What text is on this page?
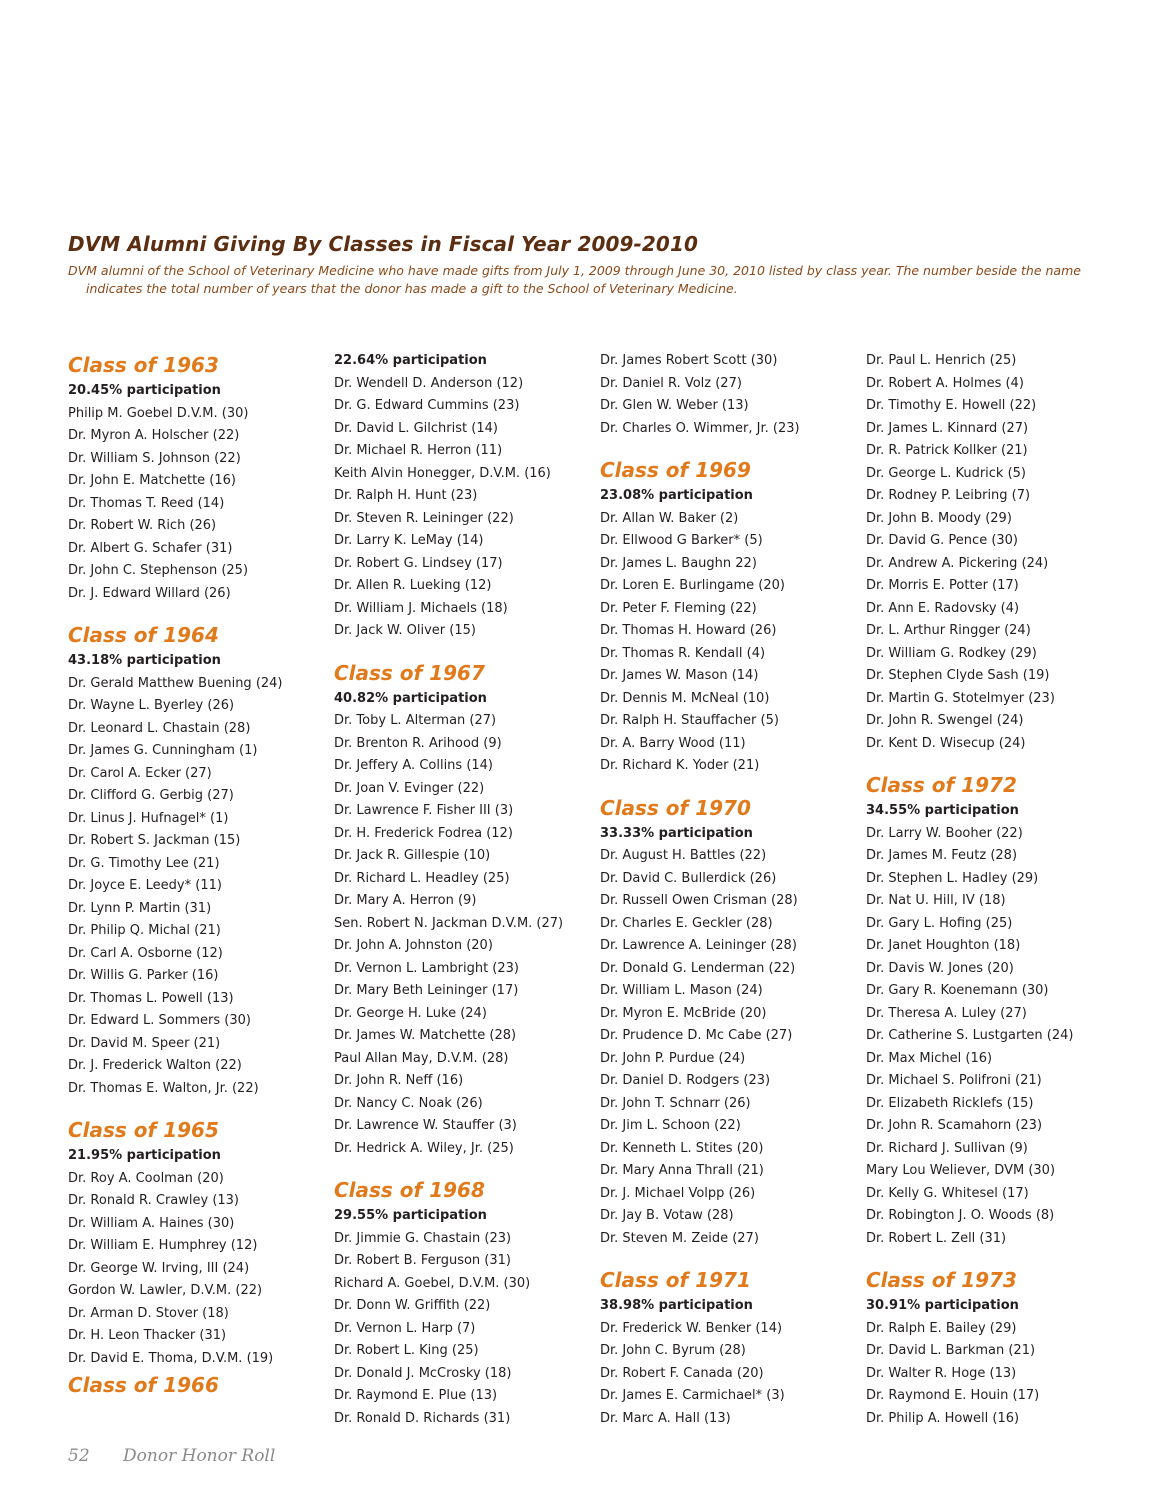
DVM Alumni Giving By Classes in Fiscal Year 2009-2010
DVM alumni of the School of Veterinary Medicine who have made gifts from July 1, 2009 through June 30, 2010 listed by class year. The number beside the name indicates the total number of years that the donor has made a gift to the School of Veterinary Medicine.
Class of 1963
20.45% participation
Philip M. Goebel D.V.M. (30)
Dr. Myron A. Holscher (22)
Dr. William S. Johnson (22)
Dr. John E. Matchette (16)
Dr. Thomas T. Reed (14)
Dr. Robert W. Rich (26)
Dr. Albert G. Schafer (31)
Dr. John C. Stephenson (25)
Dr. J. Edward Willard (26)
Class of 1964
43.18% participation
Dr. Gerald Matthew Buening (24)
Dr. Wayne L. Byerley (26)
Dr. Leonard L. Chastain (28)
Dr. James G. Cunningham (1)
Dr. Carol A. Ecker (27)
Dr. Clifford G. Gerbig (27)
Dr. Linus J. Hufnagel* (1)
Dr. Robert S. Jackman (15)
Dr. G. Timothy Lee (21)
Dr. Joyce E. Leedy* (11)
Dr. Lynn P. Martin (31)
Dr. Philip Q. Michal (21)
Dr. Carl A. Osborne (12)
Dr. Willis G. Parker (16)
Dr. Thomas L. Powell (13)
Dr. Edward L. Sommers (30)
Dr. David M. Speer (21)
Dr. J. Frederick Walton (22)
Dr. Thomas E. Walton, Jr. (22)
Class of 1965
21.95% participation
Dr. Roy A. Coolman (20)
Dr. Ronald R. Crawley (13)
Dr. William A. Haines (30)
Dr. William E. Humphrey (12)
Dr. George W. Irving, III (24)
Gordon W. Lawler, D.V.M. (22)
Dr. Arman D. Stover (18)
Dr. H. Leon Thacker (31)
Dr. David E. Thoma, D.V.M. (19)
Class of 1966
22.64% participation
Dr. Wendell D. Anderson (12)
Dr. G. Edward Cummins (23)
Dr. David L. Gilchrist (14)
Dr. Michael R. Herron (11)
Keith Alvin Honegger, D.V.M. (16)
Dr. Ralph H. Hunt (23)
Dr. Steven R. Leininger (22)
Dr. Larry K. LeMay (14)
Dr. Robert G. Lindsey (17)
Dr. Allen R. Lueking (12)
Dr. William J. Michaels (18)
Dr. Jack W. Oliver (15)
Class of 1967
40.82% participation
Dr. Toby L. Alterman (27)
Dr. Brenton R. Arihood (9)
Dr. Jeffery A. Collins (14)
Dr. Joan V. Evinger (22)
Dr. Lawrence F. Fisher III (3)
Dr. H. Frederick Fodrea (12)
Dr. Jack R. Gillespie (10)
Dr. Richard L. Headley (25)
Dr. Mary A. Herron (9)
Sen. Robert N. Jackman D.V.M. (27)
Dr. John A. Johnston (20)
Dr. Vernon L. Lambright (23)
Dr. Mary Beth Leininger (17)
Dr. George H. Luke (24)
Dr. James W. Matchette (28)
Paul Allan May, D.V.M. (28)
Dr. John R. Neff (16)
Dr. Nancy C. Noak (26)
Dr. Lawrence W. Stauffer (3)
Dr. Hedrick A. Wiley, Jr. (25)
Class of 1968
29.55% participation
Dr. Jimmie G. Chastain (23)
Dr. Robert B. Ferguson (31)
Richard A. Goebel, D.V.M. (30)
Dr. Donn W. Griffith (22)
Dr. Vernon L. Harp (7)
Dr. Robert L. King (25)
Dr. Donald J. McCrosky (18)
Dr. Raymond E. Plue (13)
Dr. Ronald D. Richards (31)
Dr. James Robert Scott (30)
Dr. Daniel R. Volz (27)
Dr. Glen W. Weber (13)
Dr. Charles O. Wimmer, Jr. (23)
Class of 1969
23.08% participation
Dr. Allan W. Baker (2)
Dr. Ellwood G Barker* (5)
Dr. James L. Baughn 22)
Dr. Loren E. Burlingame (20)
Dr. Peter F. Fleming (22)
Dr. Thomas H. Howard (26)
Dr. Thomas R. Kendall (4)
Dr. James W. Mason (14)
Dr. Dennis M. McNeal (10)
Dr. Ralph H. Stauffacher (5)
Dr. A. Barry Wood (11)
Dr. Richard K. Yoder (21)
Class of 1970
33.33% participation
Dr. August H. Battles (22)
Dr. David C. Bullerdick (26)
Dr. Russell Owen Crisman (28)
Dr. Charles E. Geckler (28)
Dr. Lawrence A. Leininger (28)
Dr. Donald G. Lenderman (22)
Dr. William L. Mason (24)
Dr. Myron E. McBride (20)
Dr. Prudence D. Mc Cabe (27)
Dr. John P. Purdue (24)
Dr. Daniel D. Rodgers (23)
Dr. John T. Schnarr (26)
Dr. Jim L. Schoon (22)
Dr. Kenneth L. Stites (20)
Dr. Mary Anna Thrall (21)
Dr. J. Michael Volpp (26)
Dr. Jay B. Votaw (28)
Dr. Steven M. Zeide (27)
Class of 1971
38.98% participation
Dr. Frederick W. Benker (14)
Dr. John C. Byrum (28)
Dr. Robert F. Canada (20)
Dr. James E. Carmichael* (3)
Dr. Marc A. Hall (13)
Dr. Paul L. Henrich (25)
Dr. Robert A. Holmes (4)
Dr. Timothy E. Howell (22)
Dr. James L. Kinnard (27)
Dr. R. Patrick Kollker (21)
Dr. George L. Kudrick (5)
Dr. Rodney P. Leibring (7)
Dr. John B. Moody (29)
Dr. David G. Pence (30)
Dr. Andrew A. Pickering (24)
Dr. Morris E. Potter (17)
Dr. Ann E. Radovsky (4)
Dr. L. Arthur Ringger (24)
Dr. William G. Rodkey (29)
Dr. Stephen Clyde Sash (19)
Dr. Martin G. Stotelmyer (23)
Dr. John R. Swengel (24)
Dr. Kent D. Wisecup (24)
Class of 1972
34.55% participation
Dr. Larry W. Booher (22)
Dr. James M. Feutz (28)
Dr. Stephen L. Hadley (29)
Dr. Nat U. Hill, IV (18)
Dr. Gary L. Hofing (25)
Dr. Janet Houghton (18)
Dr. Davis W. Jones (20)
Dr. Gary R. Koenemann (30)
Dr. Theresa A. Luley (27)
Dr. Catherine S. Lustgarten (24)
Dr. Max Michel (16)
Dr. Michael S. Polifroni (21)
Dr. Elizabeth Ricklefs (15)
Dr. John R. Scamahorn (23)
Dr. Richard J. Sullivan (9)
Mary Lou Weliever, DVM (30)
Dr. Kelly G. Whitesel (17)
Dr. Robington J. O. Woods (8)
Dr. Robert L. Zell (31)
Class of 1973
30.91% participation
Dr. Ralph E. Bailey (29)
Dr. David L. Barkman (21)
Dr. Walter R. Hoge (13)
Dr. Raymond E. Houin (17)
Dr. Philip A. Howell (16)
52 Donor Honor Roll
